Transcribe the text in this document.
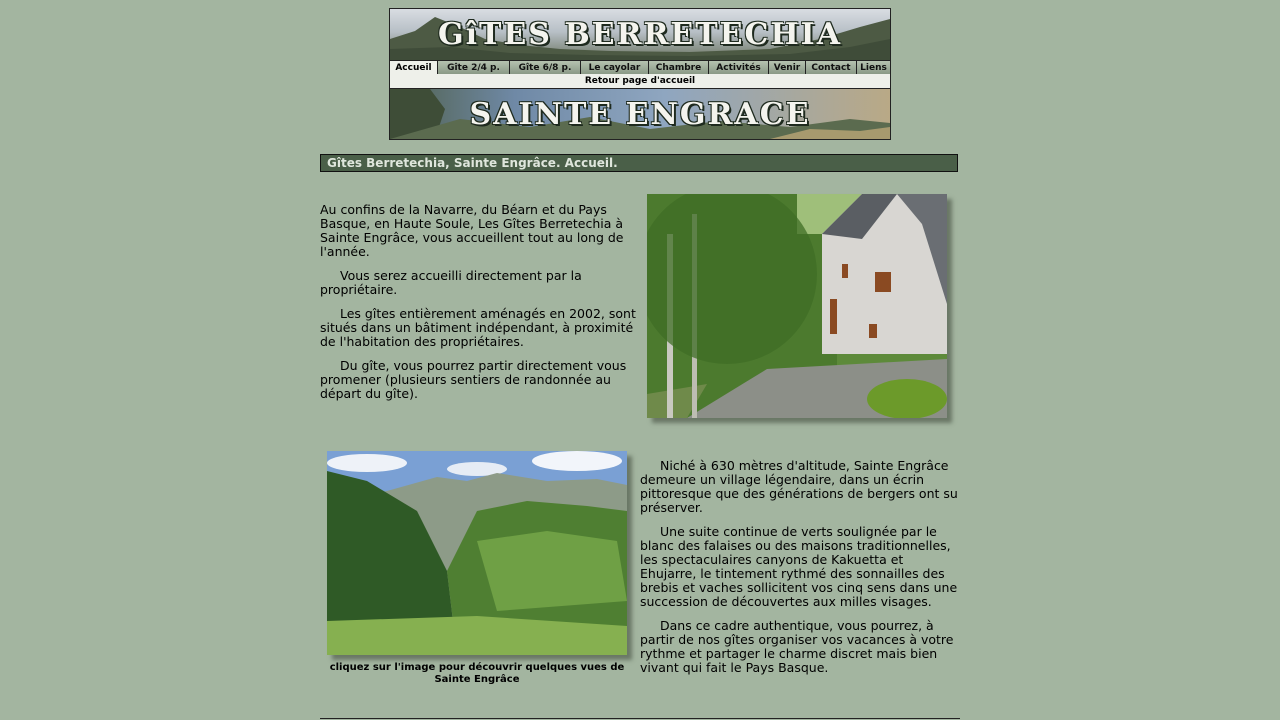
GîTES BERRETECHIA
Accueil	Gîte 2/4 p.	Gîte 6/8 p.	Le cayolar	Chambre	Activités	Venir	Contact	Liens
Retour page d'accueil
SAINTE ENGRACE
Gîtes Berretechia, Sainte Engrâce. Accueil.

Au confins de la Navarre, du Béarn et du Pays Basque, en Haute Soule, Les Gîtes Berretechia à Sainte Engrâce, vous accueillent tout au long de l'année.

Vous serez accueilli directement par la propriétaire.

Les gîtes entièrement aménagés en 2002, sont situés dans un bâtiment indépendant, à proximité de l'habitation des propriétaires.

Du gîte, vous pourrez partir directement vous promener (plusieurs sentiers de randonnée au départ du gîte).

cliquez sur l'image pour découvrir quelques vues de Sainte Engrâce

Niché à 630 mètres d'altitude, Sainte Engrâce demeure un village légendaire, dans un écrin pittoresque que des générations de bergers ont su préserver.

Une suite continue de verts soulignée par le blanc des falaises ou des maisons traditionnelles, les spectaculaires canyons de Kakuetta et Ehujarre, le tintement rythmé des sonnailles des brebis et vaches sollicitent vos cinq sens dans une succession de découvertes aux milles visages.

Dans ce cadre authentique, vous pourrez, à partir de nos gîtes organiser vos vacances à votre rythme et partager le charme discret mais bien vivant qui fait le Pays Basque.
